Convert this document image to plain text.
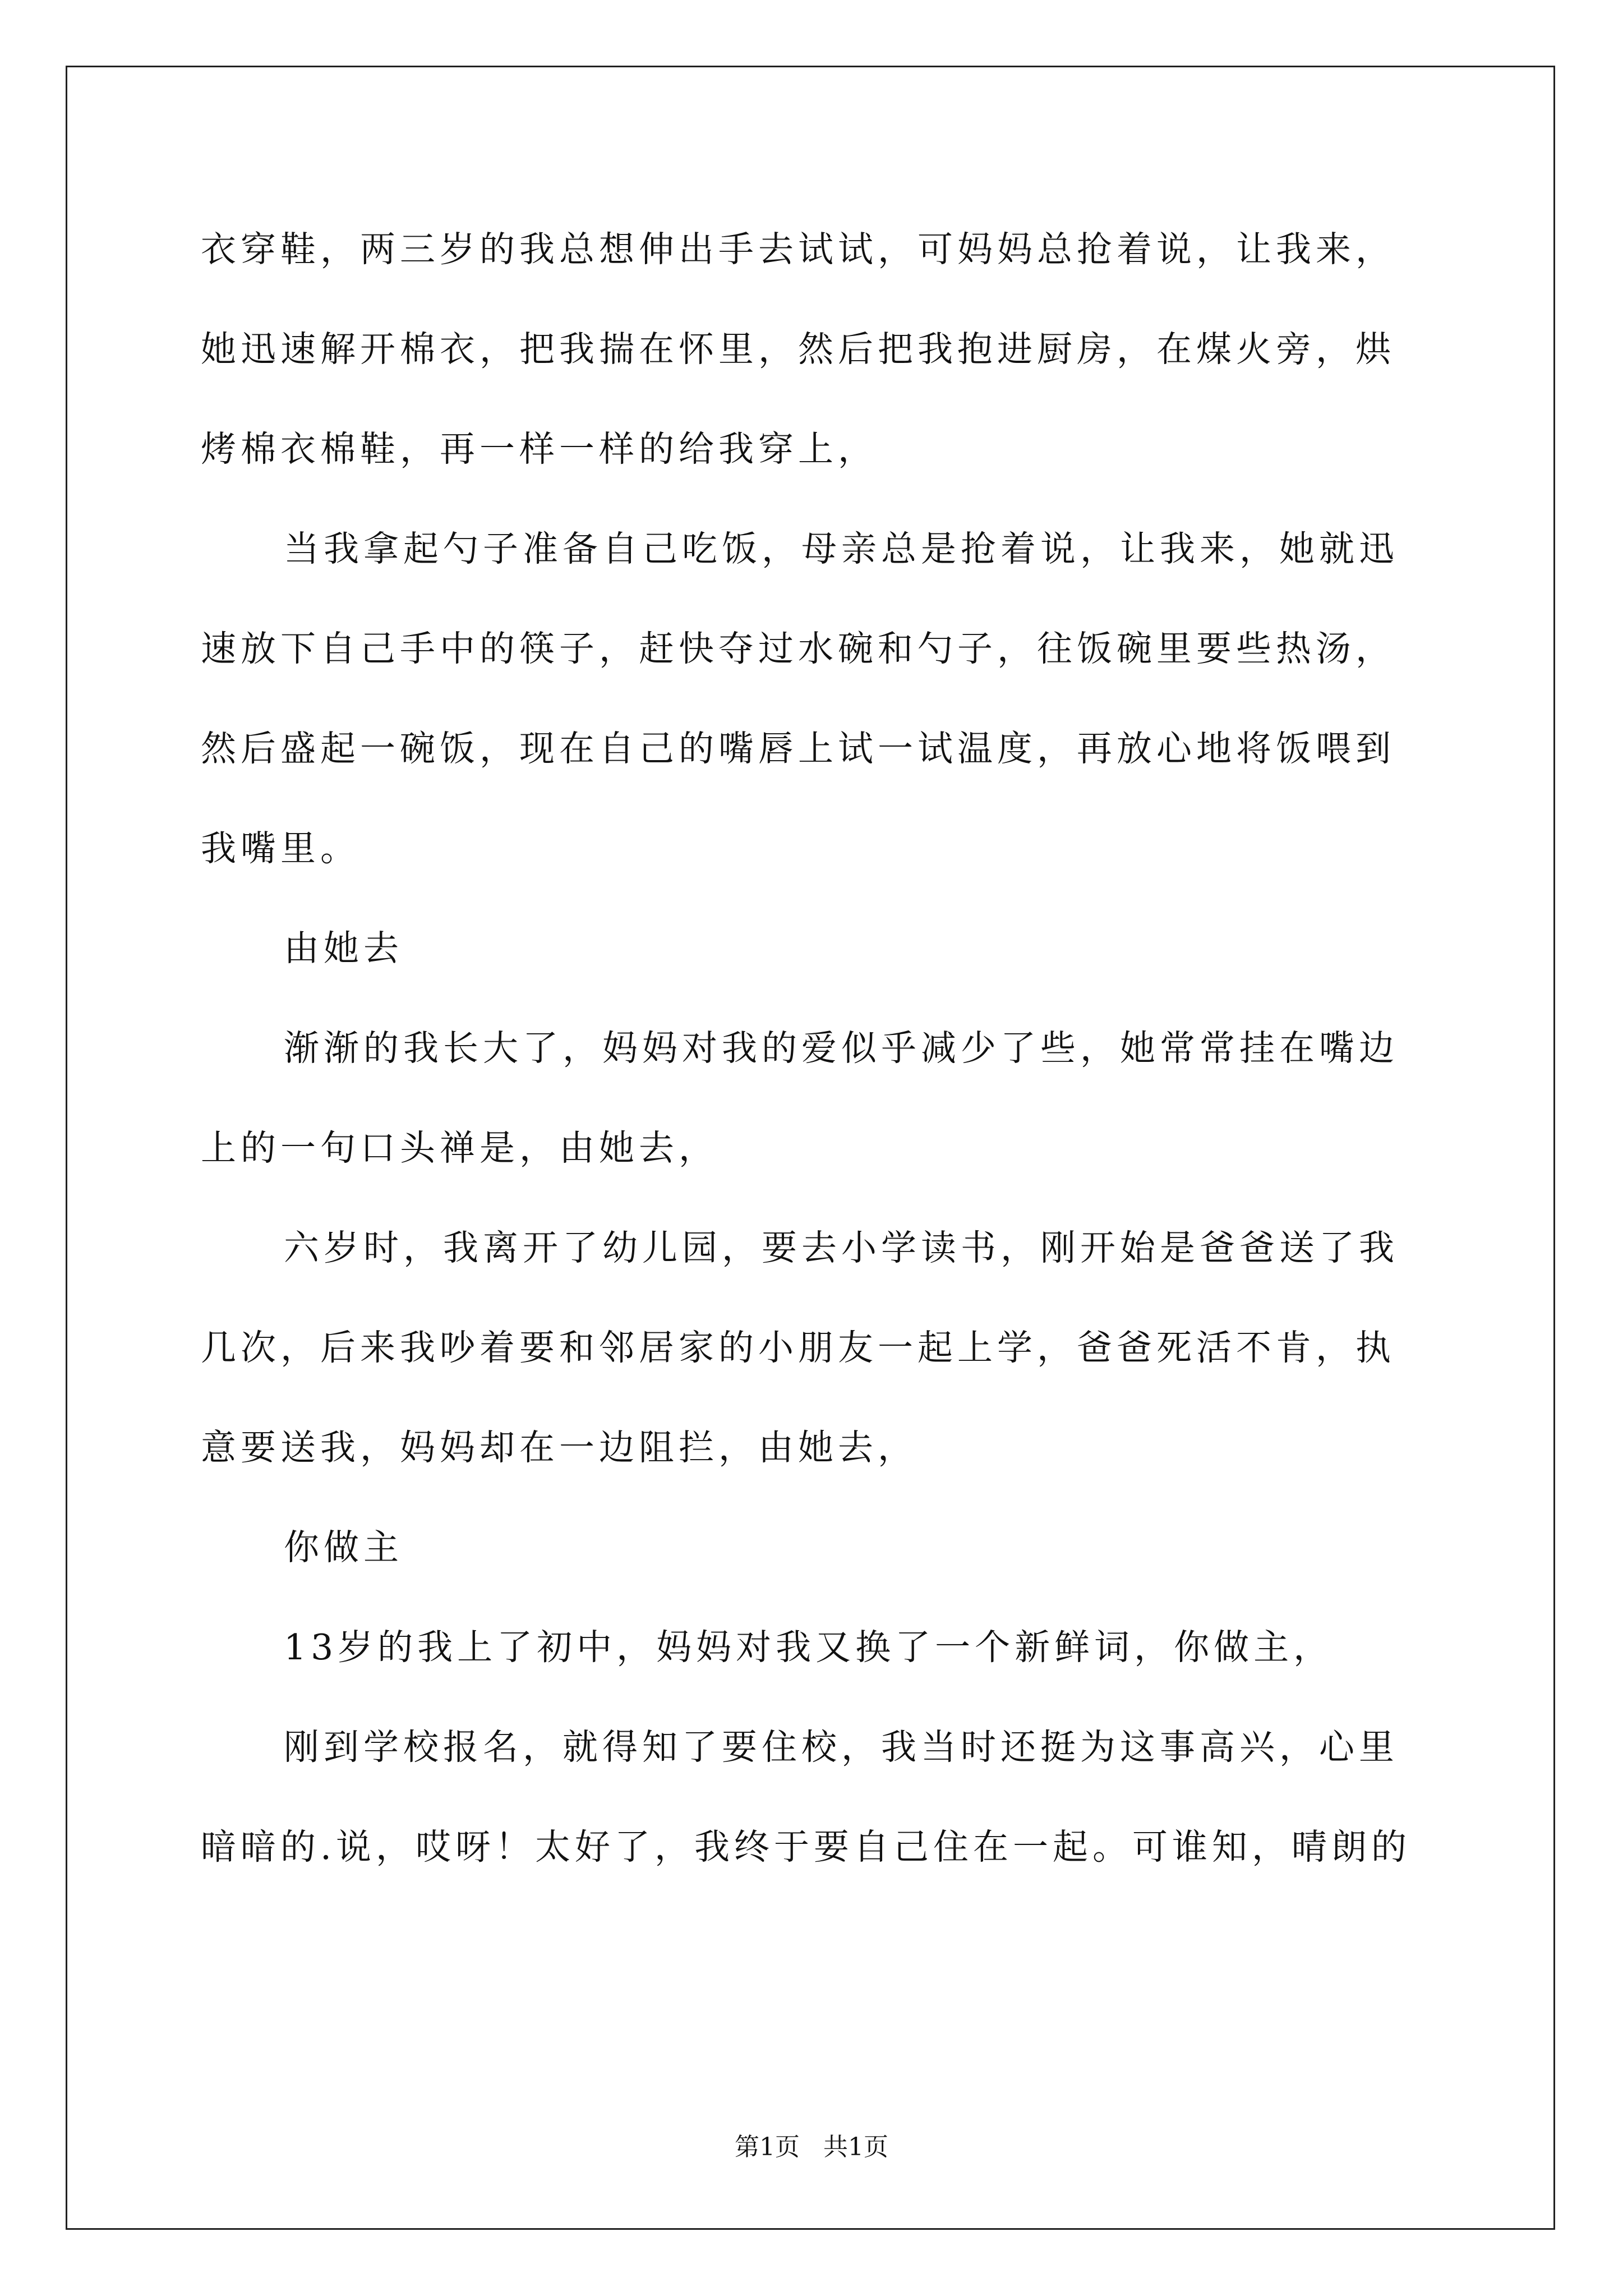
衣穿鞋，两三岁的我总想伸出手去试试，可妈妈总抢着说，让我来，
她迅速解开棉衣，把我揣在怀里，然后把我抱进厨房，在煤火旁，烘
烤棉衣棉鞋，再一样一样的给我穿上，
当我拿起勺子准备自己吃饭，母亲总是抢着说，让我来，她就迅
速放下自己手中的筷子，赶快夺过水碗和勺子，往饭碗里要些热汤，
然后盛起一碗饭，现在自己的嘴唇上试一试温度，再放心地将饭喂到
我嘴里。
由她去
渐渐的我长大了，妈妈对我的爱似乎减少了些，她常常挂在嘴边
上的一句口头禅是，由她去，
六岁时，我离开了幼儿园，要去小学读书，刚开始是爸爸送了我
几次，后来我吵着要和邻居家的小朋友一起上学，爸爸死活不肯，执
意要送我，妈妈却在一边阻拦，由她去，
你做主
13岁的我上了初中，妈妈对我又换了一个新鲜词，你做主，
刚到学校报名，就得知了要住校，我当时还挺为这事高兴，心里
暗暗的.说，哎呀！太好了，我终于要自己住在一起。可谁知，晴朗的
第1页   共1页
